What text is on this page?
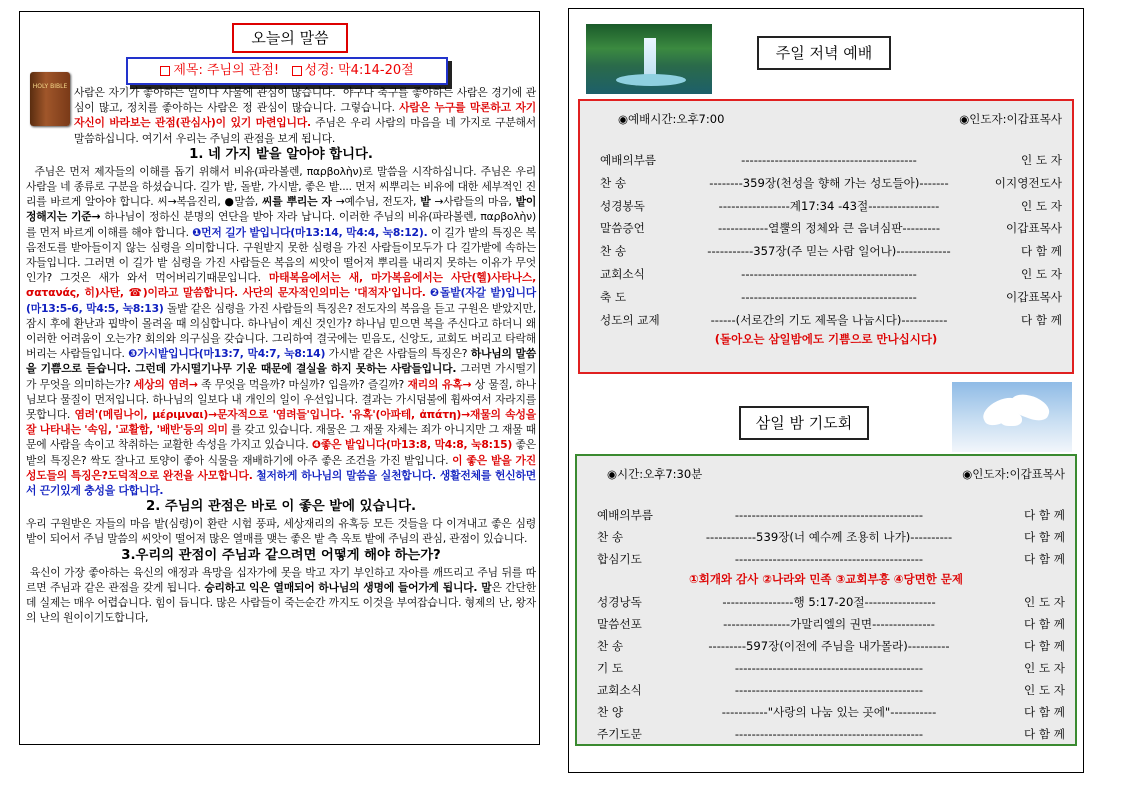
오늘의 말씀
제목: 주님의 관점! 성경: 막4:14-20절
HOLY BIBLE 사람은 자기가 좋아하는 일이나 사물에 관심이 많습니다. 야구나 축구를 좋아하는 사람은 경기에 관심이 많고, 정치를 좋아하는 사람은 정 관심이 많습니다. 그렇습니다. 사람은 누구를 막론하고 자기 자신이 바라보는 관점(관심사)이 있기 마련입니다. 주님은 우리 사람의 마음을 네 가지로 구분해서 말씀하십니다. 여기서 우리는 주님의 관점을 보게 됩니다.

1. 네 가지 밭을 알아야 합니다.

주님은 먼저 제자들의 이해를 돕기 위해서 비유(파라볼렌, παρβολὴν)로 말씀을 시작하십니다. 주님은 우리 사람을 네 종류로 구분을 하셨습니다. 길가 밭, 돌밭, 가시밭, 좋은 밭.... 먼저 씨뿌리는 비유에 대한 세부적인 진리를 바르게 알아야 합니다. 씨→복음진리, ●말씀, 씨를 뿌리는 자 →예수님, 전도자, 밭 →사람들의 마음, 밭이 정해지는 기준→ 하나님이 정하신 분명의 연단을 받아 자라 납니다. 이러한 주님의 비유(파라볼렌, παρβολὴν)를 먼저 바르게 이해를 해야 합니다. ❶먼저 길가 밭입니다(마13:14, 막4:4, 눅8:12). 이 길가 밭의 특징은 복음전도를 받아들이지 않는 심령을 의미합니다. 구원받지 못한 심령을 가진 사람들이모두가 다 길가밭에 속하는 자들입니다. 그러면 이 길가 밭 심령을 가진 사람들은 복음의 씨앗이 떨어져 뿌리를 내리지 못하는 이유가 무엇인가? 그것은 새가 와서 먹어버리기때문입니다. 마태복음에서는 새, 마가복음에서는 사단(헬)사타나스, σατανάς, 히)사탄, ☎)이라고 말씀합니다. 사단의 문자적인의미는 '대적자'입니다. ❷돌밭(자갈 밭)입니다(마13:5-6, 막4:5, 눅8:13) 돌밭 같은 심령을 가진 사람들의 특징은? 전도자의 복음을 듣고 구원은 받았지만, 잠시 후에 환난과 핍박이 몰려올 때 의심합니다. 하나님이 계신 것인가? 하나님 믿으면 복을 주신다고 하더니 왜 이러한 어려움이 오는가? 회의와 의구심을 갖습니다. 그리하여 결국에는 믿음도, 신앙도, 교회도 버리고 타락해 버리는 사람들입니다. ❸가시밭입니다(마13:7, 막4:7, 눅8:14) 가시밭 같은 사람들의 특징은? 하나님의 말씀을 기쁨으로 듣습니다. 그런데 가시떨기나무 기운 때문에 결실을 하지 못하는 사람들입니다. 그러면 가시떨기가 무엇을 의미하는가? 세상의 염려→ 족 무엇을 먹을까? 마실까? 입을까? 즐길까? 재리의 유혹→ 상 물질, 하나님보다 물질이 먼저입니다. 하나님의 일보다 내 개인의 일이 우선입니다. 결과는 가시덤불에 휩싸여서 자라지를 못합니다. 염려'(메림나이, μέριμναι)→문자적으로 '염려들'입니다. '유혹'(아파테, ἀπάτη)→재물의 속성을 잘 나타내는 '속임, '교활함, '배반'등의 의미 를 갖고 있습니다. 재물은 그 재물 자체는 죄가 아니지만 그 재물 때문에 사람을 속이고 착취하는 교활한 속성을 가지고 있습니다. ❹좋은 밭입니다(마13:8, 막4:8, 눅8:15) 좋은 밭의 특징은? 싹도 잘나고 토양이 좋아 식물을 재배하기에 아주 좋은 조건을 가진 밭입니다. 이 좋은 밭을 가진 성도들의 특징은?도덕적으로 완전을 사모합니다. 철저하게 하나님의 말씀을 실천합니다. 생활전체를 헌신하면서 끈기있게 충성을 다합니다.

2. 주님의 관점은 바로 이 좋은 밭에 있습니다.

우리 구원받은 자들의 마음 밭(심령)이 환란 시험 풍파, 세상재리의 유혹등 모든 것들을 다 이겨내고 좋은 심령 밭이 되어서 주님 말씀의 씨앗이 떨어져 많은 열매를 맺는 좋은 밭 측 옥토 밭에 주님의 관심, 관점이 있습니다.

3.우리의 관점이 주님과 같으려면 어떻게 해야 하는가?

육신이 가장 좋아하는 육신의 애정과 욕망을 십자가에 못을 박고 자기 부인하고 자아를 깨뜨리고 주님 뒤를 따르면 주님과 같은 관점을 갖게 됩니다. 승리하고 익은 열매되어 하나님의 생명에 들어가게 됩니다. 말은 간단한데 실제는 매우 어렵습니다. 힘이 듭니다. 많은 사람들이 죽는순간 까지도 이것을 부여잡습니다. 형제의 난, 왕자의 난의 원이이기도합니다,

주일 저녁 예배
◉예배시간:오후7:00	◉인도자:이갑표목사
예배의부름	------------------------------------------	인 도 자
찬 송	--------359장(천성을 향해 가는 성도들아)-------	이지영전도사
성경봉독	-----------------계17:34 -43절-----------------	인 도 자
말씀증언	------------열뿔의 정체와 큰 음녀심판---------	이갑표목사
찬 송	-----------357장(주 믿는 사람 일어나)-------------	다 함 께
교회소식	------------------------------------------	인 도 자
축 도	------------------------------------------	이갑표목사
성도의 교제	------(서로간의 기도 제목을 나눕시다)-----------	다 함 께
(돌아오는 삼일밤에도 기쁨으로 만나십시다)
삼일 밤 기도회
◉시간:오후7:30분	◉인도자:이갑표목사
예배의부름	---------------------------------------------	다 함 께
찬 송	------------539장(너 예수께 조용히 나가)----------	다 함 께
합심기도	---------------------------------------------	다 함 께
①회개와 감사 ②나라와 민족 ③교회부흥 ④당면한 문제
성경낭독	-----------------행 5:17-20절-----------------	인 도 자
말씀선포	----------------가말리엘의 권면---------------	다 함 께
찬 송	---------597장(이전에 주님을 내가몰라)----------	다 함 께
기 도	---------------------------------------------	인 도 자
교회소식	---------------------------------------------	인 도 자
찬 양	-----------"사랑의 나눔 있는 곳에"-----------	다 함 께
주기도문	---------------------------------------------	다 함 께
